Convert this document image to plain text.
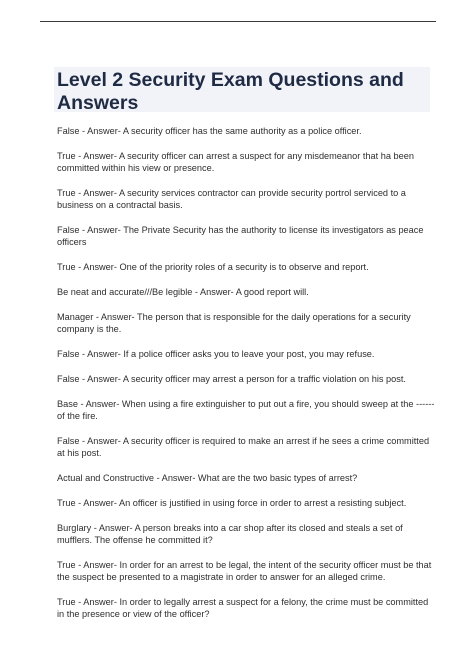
Level 2 Security Exam Questions and Answers

False - Answer- A security officer has the same authority as a police officer.

True - Answer- A security officer can arrest a suspect for any misdemeanor that ha been committed within his view or presence.

True - Answer- A security services contractor can provide security portrol serviced to a business on a contractal basis.

False - Answer- The Private Security has the authority to license its investigators as peace officers

True - Answer- One of the priority roles of a security is to observe and report.

Be neat and accurate///Be legible - Answer- A good report will.

Manager - Answer- The person that is responsible for the daily operations for a security company is the.

False - Answer- If a police officer asks you to leave your post, you may refuse.

False - Answer- A security officer may arrest a person for a traffic violation on his post.

Base - Answer- When using a fire extinguisher to put out a fire, you should sweep at the ------ of the fire.

False - Answer- A security officer is required to make an arrest if he sees a crime committed at his post.

Actual and Constructive - Answer- What are the two basic types of arrest?

True - Answer- An officer is justified in using force in order to arrest a resisting subject.

Burglary - Answer- A person breaks into a car shop after its closed and steals a set of mufflers. The offense he committed it?

True - Answer- In order for an arrest to be legal, the intent of the security officer must be that the suspect be presented to a magistrate in order to answer for an alleged crime.

True - Answer- In order to legally arrest a suspect for a felony, the crime must be committed in the presence or view of the officer?
